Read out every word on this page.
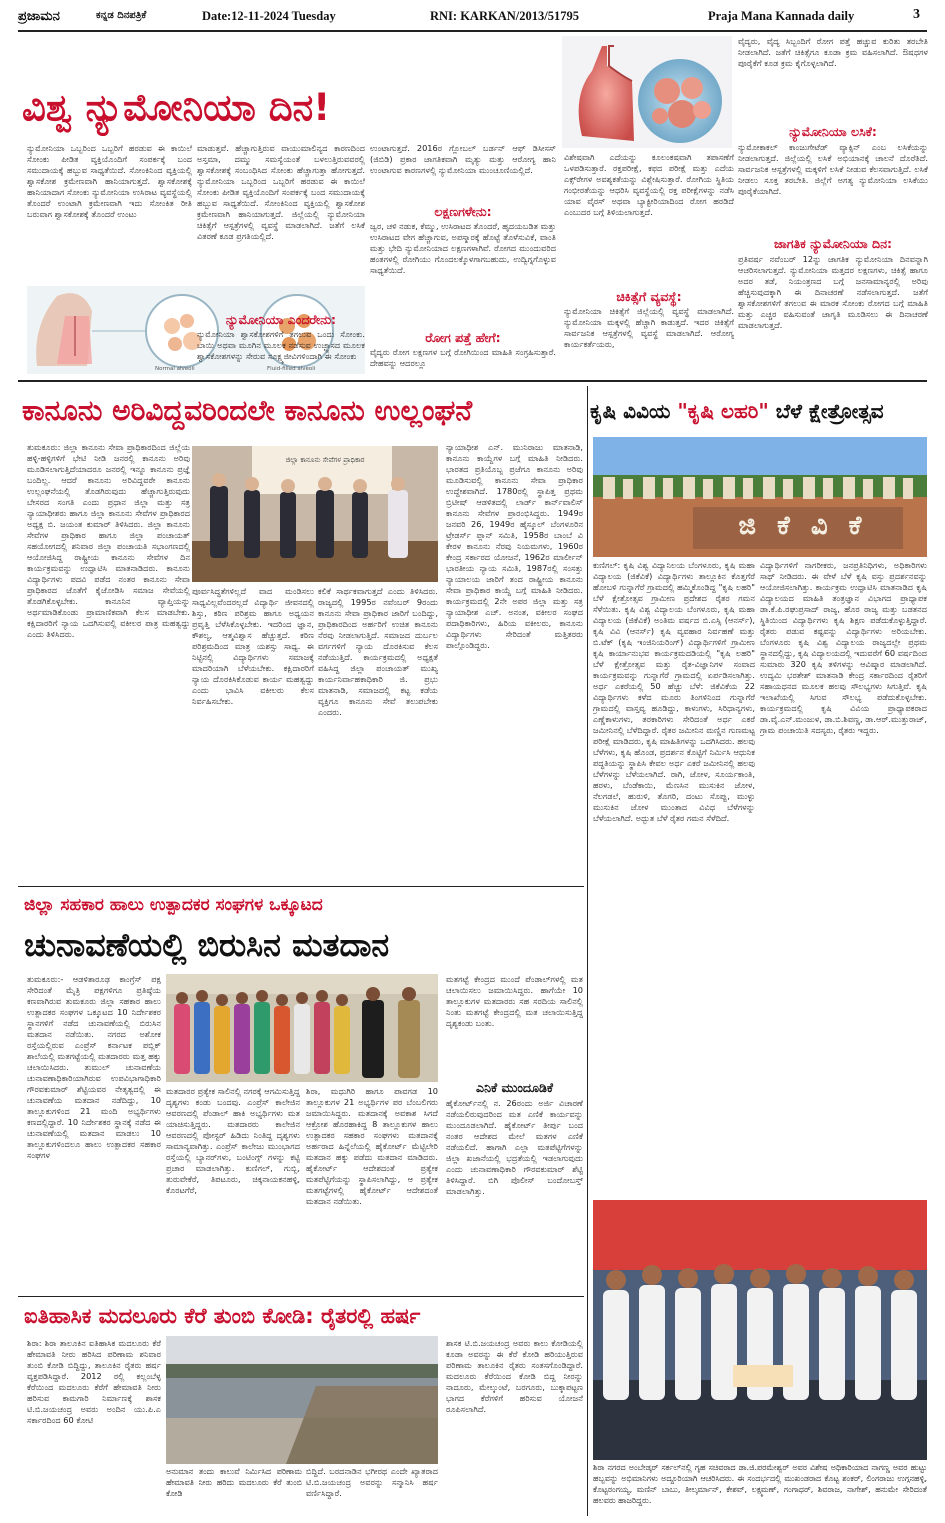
ಪ್ರಜಾಮನ	ಕನ್ನಡ ದಿನಪತ್ರಿಕೆ	Date:12-11-2024 Tuesday	RNI: KARKAN/2013/51795	Praja Mana Kannada daily	3
ವಿಶ್ವ ನ್ಯುಮೋನಿಯಾ ದಿನ!
ನ್ಯುಮೋನಿಯಾ ಒಬ್ಬರಿಂದ ಒಬ್ಬರಿಗೆ ಹರಡುವ ಈ ಕಾಯಿಲೆ ಸೋಂಕು ಪೀಡಿತ ವ್ಯಕ್ತಿಯೊಂದಿಗೆ ಸಂಪರ್ಕಕ್ಕೆ ಬಂದ ಸಮುದಾಯಕ್ಕೆ ಹಬ್ಬುವ ಸಾಧ್ಯತೆಯಿದೆ. ಸೋಂಕಿನಿಂದ ವ್ಯಕ್ತಿಯಲ್ಲಿ ಶ್ವಾಸಕೋಶ ಕ್ರಮೇಣವಾಗಿ ಹಾನಿಯಾಗುತ್ತದೆ. ಶ್ವಾಸಕೋಶಕ್ಕೆ ಹಾನಿಯಾದಾಗ ಸೋಂಕು ನ್ಯುಮೋನಿಯಾ ಉಸಿರಾಟ ವ್ಯವಸ್ಥೆಯಲ್ಲಿ ತೊಂದರೆ ಉಂಟಾಗಿ ಕ್ರಮೇಣವಾಗಿ ಇದು ಸೋಂಕಿತ ರೀತಿ ಬರುವಾಗ ಶ್ವಾಸಕೋಶಕ್ಕೆ ತೊಂದರೆ ಉಂಟು
Normal alveoli	Fluid-filled alveoli
ಮಾಡುತ್ತವೆ. ಹೆಚ್ಚಾಗುತ್ತಿರುವ ವಾಯುಮಾಲಿನ್ಯದ ಕಾರಣದಿಂದ ಅಸ್ತಮಾ, ದಮ್ಮು ಸಮಸ್ಯೆಯಂತೆ ಬಳಲುತ್ತಿರುವವರಲ್ಲಿ ಶ್ವಾಸಕೋಶಕ್ಕೆ ಸಂಬಂಧಿಸಿದ ಸೋಂಕು ಹೆಚ್ಚಾಗುತ್ತಾ ಹೋಗುತ್ತದೆ. ನ್ಯುಮೋನಿಯಾ ಒಬ್ಬರಿಂದ ಒಬ್ಬರಿಗೆ ಹರಡುವ ಈ ಕಾಯಿಲೆ ಸೋಂಕು ಪೀಡಿತ ವ್ಯಕ್ತಿಯೊಂದಿಗೆ ಸಂಪರ್ಕಕ್ಕೆ ಬಂದ ಸಮುದಾಯಕ್ಕೆ ಹಬ್ಬುವ ಸಾಧ್ಯತೆಯಿದೆ. ಸೋಂಕಿನಿಂದ ವ್ಯಕ್ತಿಯಲ್ಲಿ ಶ್ವಾಸಕೋಶ ಕ್ರಮೇಣವಾಗಿ ಹಾನಿಯಾಗುತ್ತದೆ. ಜಿಲ್ಲೆಯಲ್ಲಿ ನ್ಯುಮೋನಿಯಾ ಚಿಕಿತ್ಸೆಗೆ ಆಸ್ಪತ್ರೆಗಳಲ್ಲಿ ವ್ಯವಸ್ಥೆ ಮಾಡಲಾಗಿದೆ. ಜತೆಗೆ ಲಸಿಕೆ ವಿತರಣೆ ಕೂಡ ಪ್ರಗತಿಯಲ್ಲಿದೆ.
ನ್ಯುಮೋನಿಯಾ ಎಂದರೇನು:
ನ್ಯುಮೋನಿಯಾ ಶ್ವಾಸಕೋಶಗಳಿಗೆ ತಗಲುವ ಒಂದು ಸೋಂಕು. ಬಾಯಿ ಅಥವಾ ಮೂಗಿನ ಮೂಲಕ ನಡೆಸುವ ಉಚ್ಛ್ವಾಸದ ಮೂಲಕ ಶ್ವಾಸಕೋಶಗಳನ್ನು ಸೇರುವ ಸೂಕ್ಷ್ಮಜೀವಿಗಳಿಂದಾಗಿ ಈ ಸೋಂಕು
ಉಂಟಾಗುತ್ತದೆ. 2016ರ ಗ್ಲೋಬಲ್ ಬರ್ಡನ್ ಆಫ್ ಡಿಸೀಸಸ್ (ಜಿಬಿಡಿ) ಪ್ರಕಾರ ಜಾಗತಿಕವಾಗಿ ಮೃತ್ಯು ಮತ್ತು ಆರೋಗ್ಯ ಹಾನಿ ಉಂಟಾಗುವ ಕಾರಣಗಳಲ್ಲಿ ನ್ಯುಮೋನಿಯಾ ಮುಂಚೂಣಿಯಲ್ಲಿದೆ.
ಲಕ್ಷಣಗಳೇನು:
ಜ್ವರ, ಚಳಿ ನಡುಕ, ಕೆಮ್ಮು, ಉಸಿರಾಟದ ತೊಂದರೆ, ಹೃದಯಬಡಿತ ಮತ್ತು ಉಸಿರಾಟದ ವೇಗ ಹೆಚ್ಚಾಗುವ, ಅಪಸ್ಮಾರಕ್ಕೆ ಹೊಟ್ಟೆ ತೊಳೆಸುವಿಕೆ, ವಾಂತಿ ಮತ್ತು ಭೇದಿ ನ್ಯುಮೋನಿಯಾದ ಲಕ್ಷಣಗಳಾಗಿವೆ. ರೋಗದ ಮುಂದುವರಿದ ಹಂತಗಳಲ್ಲಿ ರೋಗಿಯು ಗೊಂದಲಕ್ಕೊಳಗಾಗಬಹುದು, ಉದ್ವಿಗ್ನಗೊಳ್ಳುವ ಸಾಧ್ಯತೆಯಿದೆ.
ರೋಗ ಪತ್ತೆ ಹೇಗೆ:
ವೈದ್ಯರು ರೋಗ ಲಕ್ಷಣಗಳ ಬಗ್ಗೆ ರೋಗಿಯಿಂದ ಮಾಹಿತಿ ಸಂಗ್ರಹಿಸುತ್ತಾರೆ. ದೇಹವನ್ನು ಆದರಲ್ಲೂ
ವಿಶೇಷವಾಗಿ ಎದೆಯನ್ನು ಕೂಲಂಕಷವಾಗಿ ತಪಾಸಣೆಗೆ ಒಳಪಡಿಸುತ್ತಾರೆ. ರಕ್ತಪರೀಕ್ಷೆ, ಕಫದ ಪರೀಕ್ಷೆ ಮತ್ತು ಎದೆಯ ಎಕ್ಸ್‌ರೇಗಳ ಅವಶ್ಯಕತೆಯನ್ನು ವಿಶ್ಲೇಷಿಸುತ್ತಾರೆ. ರೋಗಿಯ ಸ್ಥಿತಿಯ ಗಂಭೀರತೆಯನ್ನು ಆಧರಿಸಿ ವ್ಯವಸ್ಥೆಯಲ್ಲಿ ರಕ್ತ ಪರೀಕ್ಷೆಗಳನ್ನು ನಡೆಸಿ ಯಾವ ವೈರಸ್ ಅಥವಾ ಬ್ಯಾಕ್ಟೀರಿಯಾದಿಂದ ರೋಗ ಹರಡಿದೆ ಎಂಬುದರ ಬಗ್ಗೆ ತಿಳಿಯಲಾಗುತ್ತದೆ.
ಚಿಕಿತ್ಸೆಗೆ ವ್ಯವಸ್ಥೆ:
ನ್ಯುಮೋನಿಯಾ ಚಿಕಿತ್ಸೆಗೆ ಜಿಲ್ಲೆಯಲ್ಲಿ ವ್ಯವಸ್ಥೆ ಮಾಡಲಾಗಿದೆ. ನ್ಯುಮೋನಿಯಾ ಮಕ್ಕಳಲ್ಲಿ ಹೆಚ್ಚಾಗಿ ಕಾಡುತ್ತದೆ. ಇದರ ಚಿಕಿತ್ಸೆಗೆ ಸಾರ್ವಜನಿಕ ಆಸ್ಪತ್ರೆಗಳಲ್ಲಿ ವ್ಯವಸ್ಥೆ ಮಾಡಲಾಗಿದೆ. ಆರೋಗ್ಯ ಕಾರ್ಯಕರ್ತೆಯರು,
ವೈದ್ಯರು, ವೈದ್ಯ ಸಿಬ್ಬಂದಿಗೆ ರೋಗ ಪತ್ತೆ ಹಚ್ಚುವ ಕುರಿತು ತರಬೇತಿ ನೀಡಲಾಗಿದೆ. ಜತೆಗೆ ಚಿಕಿತ್ಸೆಗೂ ಕೂಡಾ ಕ್ರಮ ವಹಿಸಲಾಗಿದೆ. ಔಷಧಗಳ ಪೂರೈಕೆಗೆ ಕೂಡ ಕ್ರಮ ಕೈಗೊಳ್ಳಲಾಗಿದೆ.
ನ್ಯುಮೋನಿಯಾ ಲಸಿಕೆ:
ನ್ಯುಮೋಕಾಕಲ್ ಕಾಂಜುಗೇಟೆಡ್ ವ್ಯಾಕ್ಸಿನ್ ಎಂಬ ಲಸಿಕೆಯನ್ನು ನೀಡಲಾಗುತ್ತದೆ. ಜಿಲ್ಲೆಯಲ್ಲಿ ಲಸಿಕೆ ಅಭಿಯಾನಕ್ಕೆ ಚಾಲನೆ ದೊರೆತಿದೆ. ಸಾರ್ವಜನಿಕ ಆಸ್ಪತ್ರೆಗಳಲ್ಲಿ ಮಕ್ಕಳಿಗೆ ಲಸಿಕೆ ನೀಡುವ ಕೆಲಸವಾಗುತ್ತಿದೆ. ಲಸಿಕೆ ನೀಡಲು ಸೂಕ್ತ ತರಬೇತಿ. ಜಿಲ್ಲೆಗೆ ಅಗತ್ಯ ನ್ಯುಮೋನಿಯಾ ಲಸಿಕೆಯು ಪೂರೈಕೆಯಾಗಿದೆ.
ಜಾಗತಿಕ ನ್ಯುಮೋನಿಯಾ ದಿನ:
ಪ್ರತಿವರ್ಷ ನವೆಂಬರ್ 12ನ್ನು ಜಾಗತಿಕ ನ್ಯುಮೋನಿಯಾ ದಿನವನ್ನಾಗಿ ಆಚರಿಸಲಾಗುತ್ತದೆ. ನ್ಯುಮೋನಿಯಾ ಮತ್ತದರ ಲಕ್ಷಣಗಳು, ಚಿಕಿತ್ಸೆ ಹಾಗೂ ಅದರ ತಡೆ, ನಿಯಂತ್ರಣದ ಬಗ್ಗೆ ಜನಸಾಮಾನ್ಯರಲ್ಲಿ ಅರಿವು ಹೆಚ್ಚಿಸುವುದಕ್ಕಾಗಿ ಈ ದಿನಾಚರಣೆ ನಡೆಸಲಾಗುತ್ತದೆ. ಜತೆಗೆ ಶ್ವಾಸಕೋಶಗಳಿಗೆ ತಗಲುವ ಈ ಮಾರಕ ಸೋಂಕು ರೋಗದ ಬಗ್ಗೆ ಮಾಹಿತಿ ಮತ್ತು ಎಚ್ಚರ ವಹಿಸುವಂತೆ ಜಾಗೃತಿ ಮೂಡಿಸಲು ಈ ದಿನಾಚರಣೆ ಮಾಡಲಾಗುತ್ತದೆ.
ಕಾನೂನು ಅರಿವಿದ್ದವರಿಂದಲೇ ಕಾನೂನು ಉಲ್ಲಂಘನೆ
ತುಮಕೂರು: ಜಿಲ್ಲಾ ಕಾನೂನು ಸೇವಾ ಪ್ರಾಧಿಕಾರದಿಂದ ಜಿಲ್ಲೆಯ ಹಳ್ಳಿ-ಹಳ್ಳಿಗಳಿಗೆ ಭೇಟಿ ನೀಡಿ ಜನರಲ್ಲಿ ಕಾನೂನು ಅರಿವು ಮೂಡಿಸಲಾಗುತ್ತಿದೆಯಾದರೂ ಜನರಲ್ಲಿ ಇನ್ನೂ ಕಾನೂನು ಪ್ರಜ್ಞೆ ಬಂದಿಲ್ಲ. ಆದರೆ ಕಾನೂನು ಅರಿವಿದ್ದವರೇ ಕಾನೂನು ಉಲ್ಲಂಘನೆಯಲ್ಲಿ ತೊಡಗಿರುವುದು ಹೆಚ್ಚಾಗುತ್ತಿರುವುದು ಬೇಸರದ ಸಂಗತಿ ಎಂದು ಪ್ರಧಾನ ಜಿಲ್ಲಾ ಮತ್ತು ಸತ್ರ ನ್ಯಾಯಾಧೀಶರು ಹಾಗೂ ಜಿಲ್ಲಾ ಕಾನೂನು ಸೇವೆಗಳ ಪ್ರಾಧಿಕಾರದ ಅಧ್ಯಕ್ಷ ಬಿ. ಜಯಂತ ಕುಮಾರ್ ತಿಳಿಸಿದರು. ಜಿಲ್ಲಾ ಕಾನೂನು ಸೇವೆಗಳ ಪ್ರಾಧಿಕಾರ ಹಾಗೂ ಜಿಲ್ಲಾ ಪಂಚಾಯತ್ ಸಹಯೋಗದಲ್ಲಿ ಶನಿವಾರ ಜಿಲ್ಲಾ ಪಂಚಾಯತಿ ಸಭಾಂಗಣದಲ್ಲಿ ಆಯೋಜಿಸಿದ್ದ ರಾಷ್ಟ್ರೀಯ ಕಾನೂನು ಸೇವೆಗಳ ದಿನ ಕಾರ್ಯಕ್ರಮವನ್ನು ಉದ್ಘಾಟಿಸಿ ಮಾತನಾಡಿದರು. ಕಾನೂನು ವಿದ್ಯಾರ್ಥಿಗಳು ಪದವಿ ಪಡೆದ ನಂತರ ಕಾನೂನು ಸೇವಾ ಪ್ರಾಧಿಕಾರದ ಜೊತೆಗೆ ಕೈಜೋಡಿಸಿ ಸಮಾಜ ಸೇವೆಯಲ್ಲಿ ತೊಡಗಿಕೊಳ್ಳಬೇಕು. ಕಾನೂನಿನ ವ್ಯಾಪ್ತಿಯನ್ನು ಅರ್ಥಮಾಡಿಕೊಂಡು ಪ್ರಾಮಾಣಿಕವಾಗಿ ಕೆಲಸ ಮಾಡಬೇಕು. ಕಕ್ಷಿದಾರರಿಗೆ ನ್ಯಾಯ ಒದಗಿಸುವಲ್ಲಿ ವಕೀಲರ ಪಾತ್ರ ಮಹತ್ವದ್ದು ಎಂದು ತಿಳಿಸಿದರು.
ಜಿಲ್ಲಾ ಕಾನೂನು ಸೇವೆಗಳ ಪ್ರಾಧಿಕಾರ
ಪೂರ್ವಸಿದ್ಧತೆಗಳಿಲ್ಲದೆ ವಾದ ಮಂಡಿಸಲು ಸಾಧ್ಯವಿಲ್ಲವೆಂದರಲ್ಲದೆ ವಿದ್ಯಾರ್ಥಿ ಜೀವನದಲ್ಲಿ ಶಿಸ್ತು, ಕಠಿಣ ಪರಿಶ್ರಮ ಹಾಗೂ ಅಧ್ಯಯನ ಪ್ರವೃತ್ತಿ ಬೆಳೆಸಿಕೊಳ್ಳಬೇಕು. ಇದರಿಂದ ಜ್ಞಾನ, ಕೌಶಲ್ಯ, ಆತ್ಮವಿಶ್ವಾಸ ಹೆಚ್ಚುತ್ತದೆ. ಕಠಿಣ ಪರಿಶ್ರಮದಿಂದ ಮಾತ್ರ ಯಶಸ್ಸು ಸಾಧ್ಯ. ಈ ನಿಟ್ಟಿನಲ್ಲಿ ವಿದ್ಯಾರ್ಥಿಗಳು ಸಮಾಜಕ್ಕೆ ಮಾದರಿಯಾಗಿ ಬೆಳೆಯಬೇಕು. ಕಕ್ಷಿದಾರರಿಗೆ ನ್ಯಾಯ ದೊರಕಿಸಿಕೊಡುವ ಕಾರ್ಯ ಮಹತ್ವದ್ದು ಎಂದು ಭಾವಿಸಿ ವಕೀಲರು ಕೆಲಸ ನಿರ್ವಹಿಸಬೇಕು.
ಕಲಿಕೆ ಸಾರ್ಥಕವಾಗುತ್ತದೆ ಎಂದು ತಿಳಿಸಿದರು. ರಾಜ್ಯದಲ್ಲಿ 1995ರ ನವೆಂಬರ್ 9ರಂದು ಕಾನೂನು ಸೇವಾ ಪ್ರಾಧಿಕಾರ ಜಾರಿಗೆ ಬಂದಿದ್ದು, ಪ್ರಾಧಿಕಾರದಿಂದ ಅರ್ಹರಿಗೆ ಉಚಿತ ಕಾನೂನು ನೆರವು ನೀಡಲಾಗುತ್ತಿದೆ. ಸಮಾಜದ ದುರ್ಬಲ ವರ್ಗಗಳಿಗೆ ನ್ಯಾಯ ದೊರಕಿಸುವ ಕೆಲಸ ನಡೆಯುತ್ತಿದೆ. ಕಾರ್ಯಕ್ರಮದಲ್ಲಿ ಅಧ್ಯಕ್ಷತೆ ವಹಿಸಿದ್ದ ಜಿಲ್ಲಾ ಪಂಚಾಯತ್ ಮುಖ್ಯ ಕಾರ್ಯನಿರ್ವಾಹಕಾಧಿಕಾರಿ ಜಿ. ಪ್ರಭು ಮಾತನಾಡಿ, ಸಮಾಜದಲ್ಲಿ ಕಟ್ಟ ಕಡೆಯ ವ್ಯಕ್ತಿಗೂ ಕಾನೂನು ಸೇವೆ ತಲುಪಬೇಕು ಎಂದರು.
ನ್ಯಾಯಾಧೀಶ ಎನ್. ಮುನಿರಾಜು ಮಾತನಾಡಿ, ಕಾನೂನು ಕಾಯ್ದೆಗಳ ಬಗ್ಗೆ ಮಾಹಿತಿ ನೀಡಿದರು. ಭಾರತದ ಪ್ರತಿಯೊಬ್ಬ ಪ್ರಜೆಗೂ ಕಾನೂನು ಅರಿವು ಮೂಡಿಸುವಲ್ಲಿ ಕಾನೂನು ಸೇವಾ ಪ್ರಾಧಿಕಾರ ಉದ್ದೇಶವಾಗಿದೆ. 1780ರಲ್ಲಿ ಸ್ಥಾಪಿತ್ತ ಪ್ರಥಮ ಬ್ರಿಟೀಷ್ ಆಡಳಿತದಲ್ಲಿ ಲಾರ್ಡ್ ಕಾರ್ನ್‌ವಾಲಿಸ್ ಕಾನೂನು ಸೇವೆಗಳ ಪ್ರಾರಂಭಿಸಿದ್ದರು. 1949ರ ಜನವರಿ 26, 1949ರ ಹೈಸ್ಕೂಲ್ ಬೆಂಗಳೂರಿನ ಟ್ರೇಡರ್ಸ್ ಪ್ಲಾನ್ ಸಮಿತಿ, 1958ರ ಬಾಂಬೆ ವಿ ಕೇರಳ ಕಾನೂನು ನೆರವು ನಿಯಮಗಳು, 1960ರ ಕೇಂದ್ರ ಸರ್ಕಾರದ ಯೋಜನೆ, 1962ರ ಮಾರ್ಲೀನ್ ಭಾರತೀಯ ನ್ಯಾಯ ಸಮಿತಿ, 1987ರಲ್ಲಿ ಸಂಸತ್ತು ನ್ಯಾಯಾಲಯ ಜಾರಿಗೆ ತಂದ ರಾಷ್ಟ್ರೀಯ ಕಾನೂನು ಸೇವಾ ಪ್ರಾಧಿಕಾರ ಕಾಯ್ದೆ ಬಗ್ಗೆ ಮಾಹಿತಿ ನೀಡಿದರು. ಕಾರ್ಯಕ್ರಮದಲ್ಲಿ 2ನೇ ಅಪರ ಜಿಲ್ಲಾ ಮತ್ತು ಸತ್ರ ನ್ಯಾಯಾಧೀಶ ಎಚ್. ಅನಂತ, ವಕೀಲರ ಸಂಘದ ಪದಾಧಿಕಾರಿಗಳು, ಹಿರಿಯ ವಕೀಲರು, ಕಾನೂನು ವಿದ್ಯಾರ್ಥಿಗಳು ಸೇರಿದಂತೆ ಮತ್ತಿತರರು ಪಾಲ್ಗೊಂಡಿದ್ದರು.
ಕೃಷಿ ವಿವಿಯ "ಕೃಷಿ ಲಹರಿ" ಬೆಳೆ ಕ್ಷೇತ್ರೋತ್ಸವ
ಜಿ ಕೆ ವಿ ಕೆ
ಕುಣಿಗಲ್: ಕೃಷಿ ವಿಶ್ವ ವಿದ್ಯಾನಿಲಯ ಬೆಂಗಳೂರು, ಕೃಷಿ ಮಹಾ ವಿದ್ಯಾಲಯ (ಜಿಕೆವಿಕೆ) ವಿದ್ಯಾರ್ಥಿಗಳು ತಾಲ್ಲೂಕಿನ ಕೊತ್ತಗೆರೆ ಹೋಬಳಿ ಗುನ್ನಾಗೆರೆ ಗ್ರಾಮದಲ್ಲಿ ಹಮ್ಮಿಕೊಂಡಿದ್ದ "ಕೃಷಿ ಲಹರಿ" ಬೆಳೆ ಕ್ಷೇತ್ರೋತ್ಸವ ಗ್ರಾಮೀಣ ಪ್ರದೇಶದ ರೈತರ ಗಮನ ಸೆಳೆಯಿತು. ಕೃಷಿ ವಿಶ್ವ ವಿದ್ಯಾಲಯ ಬೆಂಗಳೂರು, ಕೃಷಿ ಮಹಾ ವಿದ್ಯಾಲಯ (ಜಿಕೆವಿಕೆ) ಅಂತಿಮ ವರ್ಷದ ಬಿ.ಎಸ್ಸಿ (ಆನರ್ಸ್), ಕೃಷಿ ವಿವಿ (ಆನರ್ಸ್) ಕೃಷಿ ವ್ಯವಹಾರ ನಿರ್ವಹಣೆ ಮತ್ತು ಬಿ.ಟೆಕ್ (ಕೃಷಿ ಇಂಜಿನಿಯರಿಂಗ್) ವಿದ್ಯಾರ್ಥಿಗಳಿಗೆ ಗ್ರಾಮೀಣ ಕೃಷಿ ಕಾರ್ಯಾನುಭವ ಕಾರ್ಯಕ್ರಮದಡಿಯಲ್ಲಿ "ಕೃಷಿ ಲಹರಿ" ಬೆಳೆ ಕ್ಷೇತ್ರೋತ್ಸವ ಮತ್ತು ರೈತ-ವಿಜ್ಞಾನಿಗಳ ಸಂವಾದ ಕಾರ್ಯಕ್ರಮವನ್ನು ಗುನ್ನಾಗೆರೆ ಗ್ರಾಮದಲ್ಲಿ ಏರ್ಪಡಿಸಲಾಗಿತ್ತು. ಅರ್ಧ ಎಕರೆಯಲ್ಲಿ 50 ಹೆಚ್ಚು ಬೆಳೆ: ಜಿಕೆವಿಕೆಯ 22 ವಿದ್ಯಾರ್ಥಿಗಳು ಕಳೆದ ಮೂರು ತಿಂಗಳಿನಿಂದ ಗುನ್ನಾಗೆರೆ ಗ್ರಾಮದಲ್ಲಿ ವಾಸ್ತವ್ಯ ಹೂಡಿದ್ದು, ಕಾಳುಗಳು, ಸಿರಿಧಾನ್ಯಗಳು, ಎಣ್ಣೆಕಾಳುಗಳು, ತರಕಾರಿಗಳು ಸೇರಿದಂತೆ ಅರ್ಧ ಎಕರೆ ಜಮೀನಿನಲ್ಲಿ ಬೆಳೆದಿದ್ದಾರೆ. ರೈತರ ಜಮೀನಿನ ಮಣ್ಣಿನ ಗುಣಮಟ್ಟ ಪರೀಕ್ಷೆ ಮಾಡಿದರು, ಕೃಷಿ ಮಾಹಿತಿಗಳನ್ನು ಒದಗಿಸಿದರು. ಹಲವು ಬೆಳೆಗಳು, ಕೃಷಿ ಹೊಂಡ, ಪ್ರದರ್ಶನ ಕೊಟ್ಟಿಗೆ ನಿರ್ಮಿಸಿ ಆಧುನಿಕ ಪದ್ಧತಿಯನ್ನು ಸ್ಥಾಪಿಸಿ ಕೇವಲ ಅರ್ಧ ಎಕರೆ ಜಮೀನಿನಲ್ಲಿ ಹಲವು ಬೆಳೆಗಳನ್ನು ಬೆಳೆಯಲಾಗಿದೆ. ರಾಗಿ, ಜೋಳ, ಸೂರ್ಯಕಾಂತಿ, ಹರಳು, ಬೆಂಡೆಕಾಯಿ, ಮೆಣಸಿನ ಮುಸುಕಿನ ಜೋಳ, ನೆಲಗಡಲೆ, ಹುರುಳಿ, ತೊಗರಿ, ದಂಟು ಸೊಪ್ಪು, ಮುಳ್ಳು ಮುಸುಕಿನ ಜೋಳ ಮುಂತಾದ ವಿವಿಧ ಬೆಳೆಗಳನ್ನು ಬೆಳೆಯಲಾಗಿದೆ. ಅದ್ಭುತ ಬೆಳೆ ರೈತರ ಗಮನ ಸೆಳೆದಿದೆ.
ವಿದ್ಯಾರ್ಥಿಗಳಿಗೆ ನಾಗರೀಕರು, ಜನಪ್ರತಿನಿಧಿಗಳು, ಅಧಿಕಾರಿಗಳು ಸಾಥ್ ನೀಡಿದರು. ಈ ವೇಳೆ ಬೆಳೆ ಕೃಷಿ ವಸ್ತು ಪ್ರದರ್ಶನವನ್ನು ಆಯೋಜಿಸಲಾಗಿತ್ತು. ಕಾರ್ಯಕ್ರಮ ಉದ್ಘಾಟಿಸಿ ಮಾತನಾಡಿದ ಕೃಷಿ ವಿದ್ಯಾಲಯದ ಮಾಹಿತಿ ತಂತ್ರಜ್ಞಾನ ವಿಭಾಗದ ಪ್ರಾಧ್ಯಾಪಕ ಡಾ.ಕೆ.ಪಿ.ರಘುಪ್ರಸಾದ್ ರಾಜ್ಯ, ಹೊರ ರಾಜ್ಯ ಮತ್ತು ಬಡತನದ ಸ್ಥಿತಿಯಿಂದ ವಿದ್ಯಾರ್ಥಿಗಳು ಕೃಷಿ ಶಿಕ್ಷಣ ಪಡೆದುಕೊಳ್ಳುತ್ತಿದ್ದಾರೆ. ರೈತರು ಪಡುವ ಕಷ್ಟವನ್ನು ವಿದ್ಯಾರ್ಥಿಗಳು ಅರಿಯಬೇಕು. ಬೆಂಗಳೂರು ಕೃಷಿ ವಿಶ್ವ ವಿದ್ಯಾಲಯ ರಾಜ್ಯದಲ್ಲೇ ಪ್ರಥಮ ಸ್ಥಾನದಲ್ಲಿದ್ದು, ಕೃಷಿ ವಿದ್ಯಾಲಯದಲ್ಲಿ ಇದುವರೆಗೆ 60 ವರ್ಷದಿಂದ ಸುಮಾರು 320 ಕೃಷಿ ತಳಿಗಳನ್ನು ಆವಿಷ್ಕಾರ ಮಾಡಲಾಗಿದೆ. ಉದ್ಯಮಿ ಭರತೇಶ್ ಮಾತನಾಡಿ ಕೇಂದ್ರ ಸರ್ಕಾರದಿಂದ ರೈತರಿಗೆ ಸಹಾಯಧನದ ಮೂಲಕ ಹಲವು ಸೌಲಭ್ಯಗಳು ಸಿಗುತ್ತಿವೆ. ಕೃಷಿ ಇಲಾಖೆಯಲ್ಲಿ ಸಿಗುವ ಸೌಲಭ್ಯ ಪಡೆದುಕೊಳ್ಳಬೇಕು. ಕಾರ್ಯಕ್ರಮದಲ್ಲಿ ಕೃಷಿ ವಿವಿಯ ಪ್ರಾಧ್ಯಾಪಕರಾದ ಡಾ.ವೈ.ಎನ್.ಮಂಜುಳ, ಡಾ.ಬಿ.ಶಿವಣ್ಣ, ಡಾ.ಆರ್.ಮುತ್ತುರಾಜ್, ಗ್ರಾಮ ಪಂಚಾಯಿತಿ ಸದಸ್ಯರು, ರೈತರು ಇದ್ದರು.
ಶಿರಾ ನಗರದ ಅಂಬೇಡ್ಕರ್ ಸರ್ಕಲ್‌ನಲ್ಲಿ ಗೃಹ ಸಚಿವರಾದ ಡಾ.ಜಿ.ಪರಮೇಶ್ವರ್ ಅವರ ವಿಶೇಷ ಅಧಿಕಾರಿಯಾದ ನಾಗಣ್ಣ ಅವರ ಹುಟ್ಟು ಹಬ್ಬವನ್ನು ಅಭಿಮಾನಿಗಳು ಅದ್ದೂರಿಯಾಗಿ ಆಚರಿಸಿದರು. ಈ ಸಂದರ್ಭದಲ್ಲಿ ಮುಖಂಡರಾದ ಕೊಟ್ಟ ಶಂಕರ್, ಲಿಂಗರಾಜು ಉಗ್ಗನಹಳ್ಳಿ, ಕೊಟ್ಟರಂಗಯ್ಯ, ಮಣಿನ್ ಬಾಬು, ತೀಲ್ಕರ್ಮಾನ್, ಕೇಶವ್, ಲಕ್ಷ್ಮಮಣ್, ಗಂಗಾಧರ್, ಶಿವರಾಜ, ನಾಗೇಶ್, ಹನುಮೇ ಸೇರಿದಂತೆ ಹಲವರು ಹಾಜರಿದ್ದರು.
ಜಿಲ್ಲಾ ಸಹಕಾರ ಹಾಲು ಉತ್ಪಾದಕರ ಸಂಘಗಳ ಒಕ್ಕೂಟದ
ಚುನಾವಣೆಯಲ್ಲಿ ಬಿರುಸಿನ ಮತದಾನ
ತುಮಕೂರು:- ಆಡಳಿತಾರೂಢ ಕಾಂಗ್ರೆಸ್ ಪಕ್ಷ ಸೇರಿದಂತೆ ಮೈತ್ರಿ ಪಕ್ಷಗಳಿಗೂ ಪ್ರತಿಷ್ಠೆಯ ಕಣವಾಗಿರುವ ತುಮಕೂರು ಜಿಲ್ಲಾ ಸಹಕಾರ ಹಾಲು ಉತ್ಪಾದಕರ ಸಂಘಗಳ ಒಕ್ಕೂಟದ 10 ನಿರ್ದೇಶಕರ ಸ್ಥಾನಗಳಿಗೆ ನಡೆದ ಚುನಾವಣೆಯಲ್ಲಿ ಬಿರುಸಿನ ಮತದಾನ ನಡೆಯಿತು. ನಗರದ ಅಶೋಕ ರಸ್ತೆಯಲ್ಲಿರುವ ಎಂಪ್ರೆಸ್ ಕರ್ನಾಟಕ ಪಬ್ಲಿಕ್ ಶಾಲೆಯಲ್ಲಿ ಮತಗಟ್ಟೆಯಲ್ಲಿ ಮತದಾರರು ಮತ್ತ ಹಕ್ಕು ಚಲಾಯಿಸಿದರು. ತುಮುಲ್ ಚುನಾವಣೆಯ ಚುನಾವಣಾಧಿಕಾರಿಯಾಗಿರುವ ಉಪವಿಭಾಗಾಧಿಕಾರಿ ಗೌರವಕುಮಾರ್ ಶೆಟ್ಟಿಯವರ ನೇತೃತ್ವದಲ್ಲಿ ಈ ಚುನಾವಣೆಯ ಮತದಾನ ನಡೆದಿದ್ದು, 10 ತಾಲ್ಲೂಕುಗಳಿಂದ 21 ಮಂದಿ ಅಭ್ಯರ್ಥಿಗಳು ಕಣದಲ್ಲಿದ್ದಾರೆ. 10 ನಿರ್ದೇಶಕರ ಸ್ಥಾನಕ್ಕೆ ನಡೆದ ಈ ಚುನಾವಣೆಯಲ್ಲಿ ಮತದಾನ ಮಾಡಲು 10 ತಾಲ್ಲೂಕುಗಳಿಂದಲೂ ಹಾಲು ಉತ್ಪಾದಕರ ಸಹಕಾರ ಸಂಘಗಳ
ಮತದಾರರ ಪ್ರತ್ಯೇಕ ಸಾಲಿನಲ್ಲಿ ನಗರಕ್ಕೆ ಆಗಮಿಸುತ್ತಿದ್ದ ದೃಶ್ಯಗಳು ಕಂಡು ಬಂದವು. ಎಂಪ್ರೆಸ್ ಕಾಲೇಜಿನ ಆವರಣದಲ್ಲಿ ಪೆಂಡಾಲ್ ಹಾಕಿ ಅಭ್ಯರ್ಥಿಗಳು ಮತ ಯಾಚಿಸುತ್ತಿದ್ದರು. ಮತದಾರರು ಕಾಲೇಜಿನ ಆವರಣದಲ್ಲಿ ಪೋಸ್ಟರ್ ಹಿಡಿದು ನಿಂತಿದ್ದ ದೃಶ್ಯಗಳು ಸಾಮಾನ್ಯವಾಗಿತ್ತು. ಎಂಪ್ರೆಸ್ ಕಾಲೇಜು ಮುಂಭಾಗದ ರಸ್ತೆಯಲ್ಲಿ ಬ್ಯಾನರ್‌ಗಳು, ಬಂಟಿಂಗ್ಸ್ ಗಳನ್ನು ಕಟ್ಟಿ ಪ್ರಚಾರ ಮಾಡಲಾಗಿತ್ತು. ಕುಣಿಗಲ್, ಗುಬ್ಬಿ, ತುರುವೇಕೆರೆ, ತಿಪಟೂರು, ಚಿಕ್ಕನಾಯಕನಹಳ್ಳಿ, ಕೊರಟಗೆರೆ,
ಶಿರಾ, ಮಧುಗಿರಿ ಹಾಗೂ ಪಾವಗಡ 10 ತಾಲ್ಲೂಕುಗಳ 21 ಅಭ್ಯರ್ಥಿಗಳ ಪರ ಬೆಂಬಲಿಗರು ಜಮಾಯಿಸಿದ್ದರು. ಮತದಾನಕ್ಕೆ ಅವಕಾಶ ಸಿಗದೆ ಆಕ್ರೋಶ ಹೊರಹಾಕಿದ್ದ 8 ತಾಲ್ಲೂಕುಗಳ ಹಾಲು ಉತ್ಪಾದಕರ ಸಹಕಾರ ಸಂಘಗಳು ಮತದಾನಕ್ಕೆ ಅರ್ಹರಾದ ಹಿನ್ನೆಲೆಯಲ್ಲಿ ಹೈಕೋರ್ಟ್ ಮೆಟ್ಟಿಲೇರಿ ಮತದಾನ ಹಕ್ಕು ಪಡೆದು ಮತದಾನ ಮಾಡಿದರು. ಹೈಕೋರ್ಟ್ ಆದೇಶದಂತೆ ಪ್ರತ್ಯೇಕ ಮತಪೆಟ್ಟಿಗೆಯನ್ನು ಸ್ಥಾಪಿಸಲಾಗಿದ್ದು, ಆ ಪ್ರತ್ಯೇಕ ಮತಗಟ್ಟೆಗಳಲ್ಲಿ ಹೈಕೋರ್ಟ್ ಆದೇಶದಂತೆ ಮತದಾನ ನಡೆಯಿತು.
ಮತಗಟ್ಟೆ ಕೇಂದ್ರದ ಮುಂದೆ ಪೆಂಡಾಲ್‌ಗಳಲ್ಲಿ ಮತ ಚಲಾಯಿಸಲು ಜಮಾಯಿಸಿದ್ದರು. ಹಾಗೆಯೇ 10 ತಾಲ್ಲೂಕುಗಳ ಮತದಾರರು ಸಹ ಸರದಿಯ ಸಾಲಿನಲ್ಲಿ ನಿಂತು ಮತಗಟ್ಟೆ ಕೇಂದ್ರದಲ್ಲಿ ಮತ ಚಲಾಯಿಸುತ್ತಿದ್ದ ದೃಶ್ಯಕಂಡು ಬಂತು.
ಎನಿಕೆ ಮುಂದೂಡಿಕೆ
ಹೈಕೋರ್ಟ್‌ನಲ್ಲಿ ನ. 26ರಂದು ಅರ್ಜಿ ವಿಚಾರಣೆ ನಡೆಯಲಿರುವುದರಿಂದ ಮತ ಎಣಿಕೆ ಕಾರ್ಯವನ್ನು ಮುಂದೂಡಲಾಗಿದೆ. ಹೈಕೋರ್ಟ್ ತೀರ್ಪು ಬಂದ ನಂತರ ಆದೇಶದ ಮೇಲೆ ಮತಗಳ ಎಣಿಕೆ ನಡೆಯಲಿದೆ. ಹಾಗಾಗಿ ಎಲ್ಲಾ ಮತಪೆಟ್ಟಿಗೆಗಳನ್ನು ಜಿಲ್ಲಾ ಖಜಾನೆಯಲ್ಲಿ ಭದ್ರತೆಯಲ್ಲಿ ಇಡಲಾಗುವುದು ಎಂದು ಚುನಾವಣಾಧಿಕಾರಿ ಗೌರವಕುಮಾರ್ ಶೆಟ್ಟಿ ತಿಳಿಸಿದ್ದಾರೆ. ಬಿಗಿ ಪೊಲೀಸ್ ಬಂದೋಬಸ್ತ್ ಮಾಡಲಾಗಿತ್ತು.
ಐತಿಹಾಸಿಕ ಮದಲೂರು ಕೆರೆ ತುಂಬಿ ಕೋಡಿ: ರೈತರಲ್ಲಿ ಹರ್ಷ
ಶಿರಾ: ಶಿರಾ ತಾಲೂಕಿನ ಐತಿಹಾಸಿಕ ಮದಲೂರು ಕೆರೆ ಹೇಮಾವತಿ ನೀರು ಹರಿಸಿದ ಪರಿಣಾಮ ಶನಿವಾರ ತುಂಬಿ ಕೋಡಿ ಬಿದ್ದಿದ್ದು, ತಾಲೂಕಿನ ರೈತರು ಹರ್ಷ ವ್ಯಕ್ತಪಡಿಸಿದ್ದಾರೆ. 2012 ರಲ್ಲಿ ಕಲ್ಲಂಬೆಳ್ಳ ಕೆರೆಯಿಂದ ಮದಲೂರು ಕೆರೆಗೆ ಹೇಮಾವತಿ ನೀರು ಹರಿಸುವ ಕಾಮಗಾರಿ ನಿರ್ಮಾಣಕ್ಕೆ ಶಾಸಕ ಟಿ.ಬಿ.ಜಯಚಂದ್ರ ಅವರು ಅಂದಿನ ಯು.ಪಿ.ಎ ಸರ್ಕಾರದಿಂದ 60 ಕೋಟಿ
ಅನುಮಾನ ತಂದು ಕಾಲುವೆ ನಿರ್ಮಿಸಿದ ಪರಿಣಾಮ ಹೇಮಾವತಿ ನೀರು ಹರಿದು ಮದಲೂರು ಕೆರೆ ತುಂಬಿ ಕೋಡಿ
ಬಿದ್ದಿದೆ. ಬರದನಾಡಿನ ಭಗೀರಥ ಎಂದೇ ಖ್ಯಾತರಾದ ಟಿ.ಬಿ.ಜಯಚಂದ್ರ ಅವರನ್ನು ಸನ್ಮಾನಿಸಿ ಹರ್ಷ ವರ್ಣಿಸಿದ್ದಾರೆ.
ಶಾಸಕ ಟಿ.ಬಿ.ಜಯಚಂದ್ರ ಅವರು ಕಾಲು ಕೋಡಿಯಲ್ಲಿ ಕೂಡಾ ಅವರನ್ನು ಈ ಕೆರೆ ಕೋಡಿ ಹರಿಯುತ್ತಿರುವ ಪರಿಣಾಮ ತಾಲೂಕಿನ ರೈತರು ಸಂತಸಗೊಂಡಿದ್ದಾರೆ. ಮದಲೂರು ಕೆರೆಯಿಂದ ಕೋಡಿ ಬಿದ್ದ ನೀರನ್ನು ನಾದೂರು, ಮೇಲ್ಕುಂಟೆ, ಬರಗೂರು, ಬುಕ್ಕಾಪಟ್ಟಣ ಭಾಗದ ಕೆರೆಗಳಿಗೆ ಹರಿಸುವ ಯೋಜನೆ ರೂಪಿಸಲಾಗಿದೆ.
